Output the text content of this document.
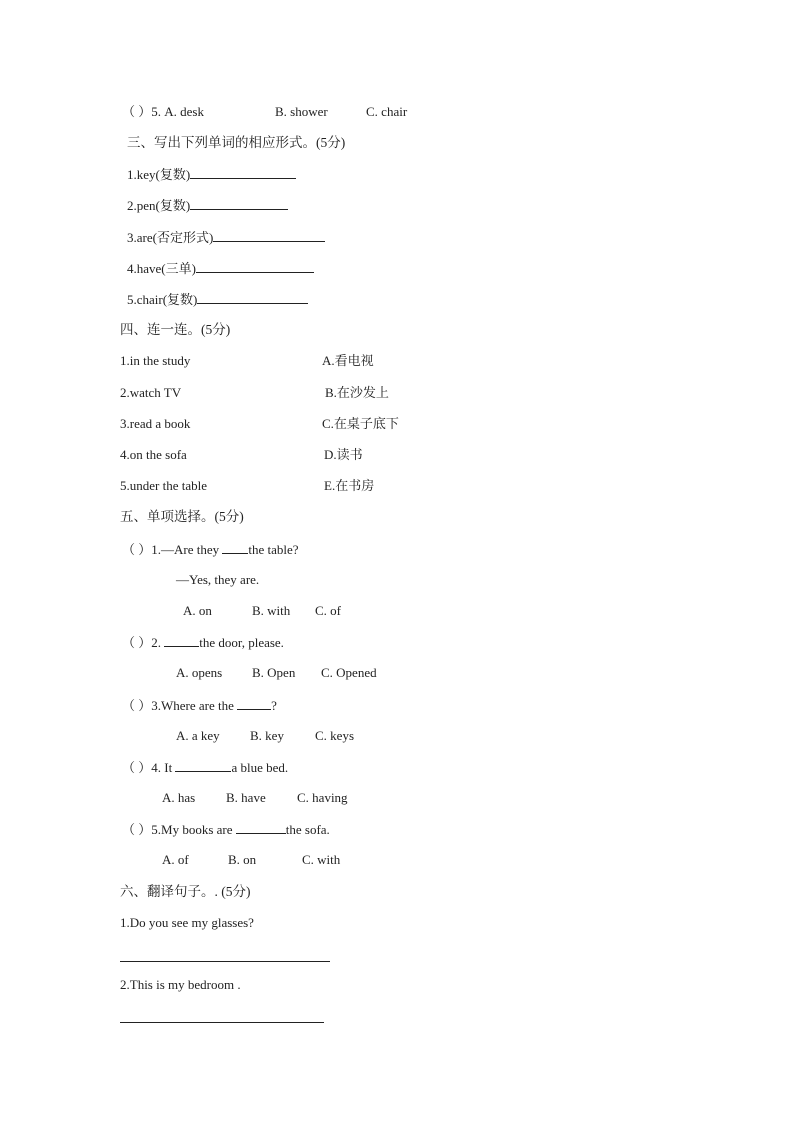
（ ）5. A. desk	B. shower	C. chair
三、写出下列单词的相应形式。(5分)
1.key(复数)
2.pen(复数)
3.are(否定形式)
4.have(三单)
5.chair(复数)
四、连一连。(5分)
1.in the study	A.看电视
2.watch TV	B.在沙发上
3.read a book	C.在桌子底下
4.on the sofa	D.读书
5.under the table	E.在书房
五、单项选择。(5分)
（ ）1.—Are they the table?
—Yes, they are.
A. on	B. with C. of
（ ）2.	the door, please.
A. opens B. Open C. Opened
（ ）3.Where are the	?
A. a key B. key C. keys
（ ）4. It	a blue bed.
A. has B. have C. having
（ ）5.My books are	the sofa.
A. of	B. on	C. with
六、翻译句子。. (5分)
1.Do you see my glasses?
2.This is my bedroom .
